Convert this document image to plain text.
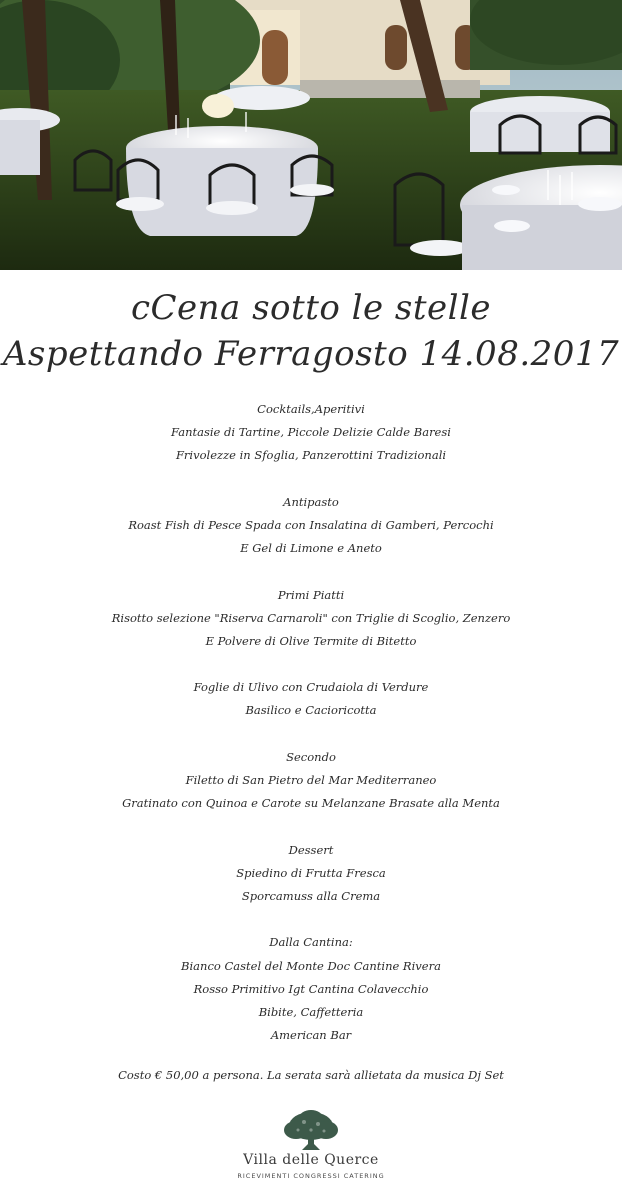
cCena sotto le stelle
Aspettando Ferragosto 14.08.2017
Cocktails,Aperitivi
Fantasie di Tartine, Piccole Delizie Calde Baresi
Frivolezze in Sfoglia, Panzerottini Tradizionali
Antipasto
Roast Fish di Pesce Spada con Insalatina di Gamberi, Percochi
E Gel di Limone e Aneto
Primi Piatti
Risotto selezione "Riserva Carnaroli" con Triglie di Scoglio, Zenzero
E Polvere di Olive Termite di Bitetto
Foglie di Ulivo con Crudaiola di Verdure
Basilico e Cacioricotta
Secondo
Filetto di San Pietro del Mar Mediterraneo
Gratinato con Quinoa e Carote su Melanzane Brasate alla Menta
Dessert
Spiedino di Frutta Fresca
Sporcamuss alla Crema
Dalla Cantina:
Bianco Castel del Monte Doc Cantine Rivera
Rosso Primitivo Igt Cantina Colavecchio
Bibite, Caffetteria
American Bar
Costo € 50,00 a persona. La serata sarà allietata da musica Dj Set
Villa delle Querce
RICEVIMENTI CONGRESSI CATERING
